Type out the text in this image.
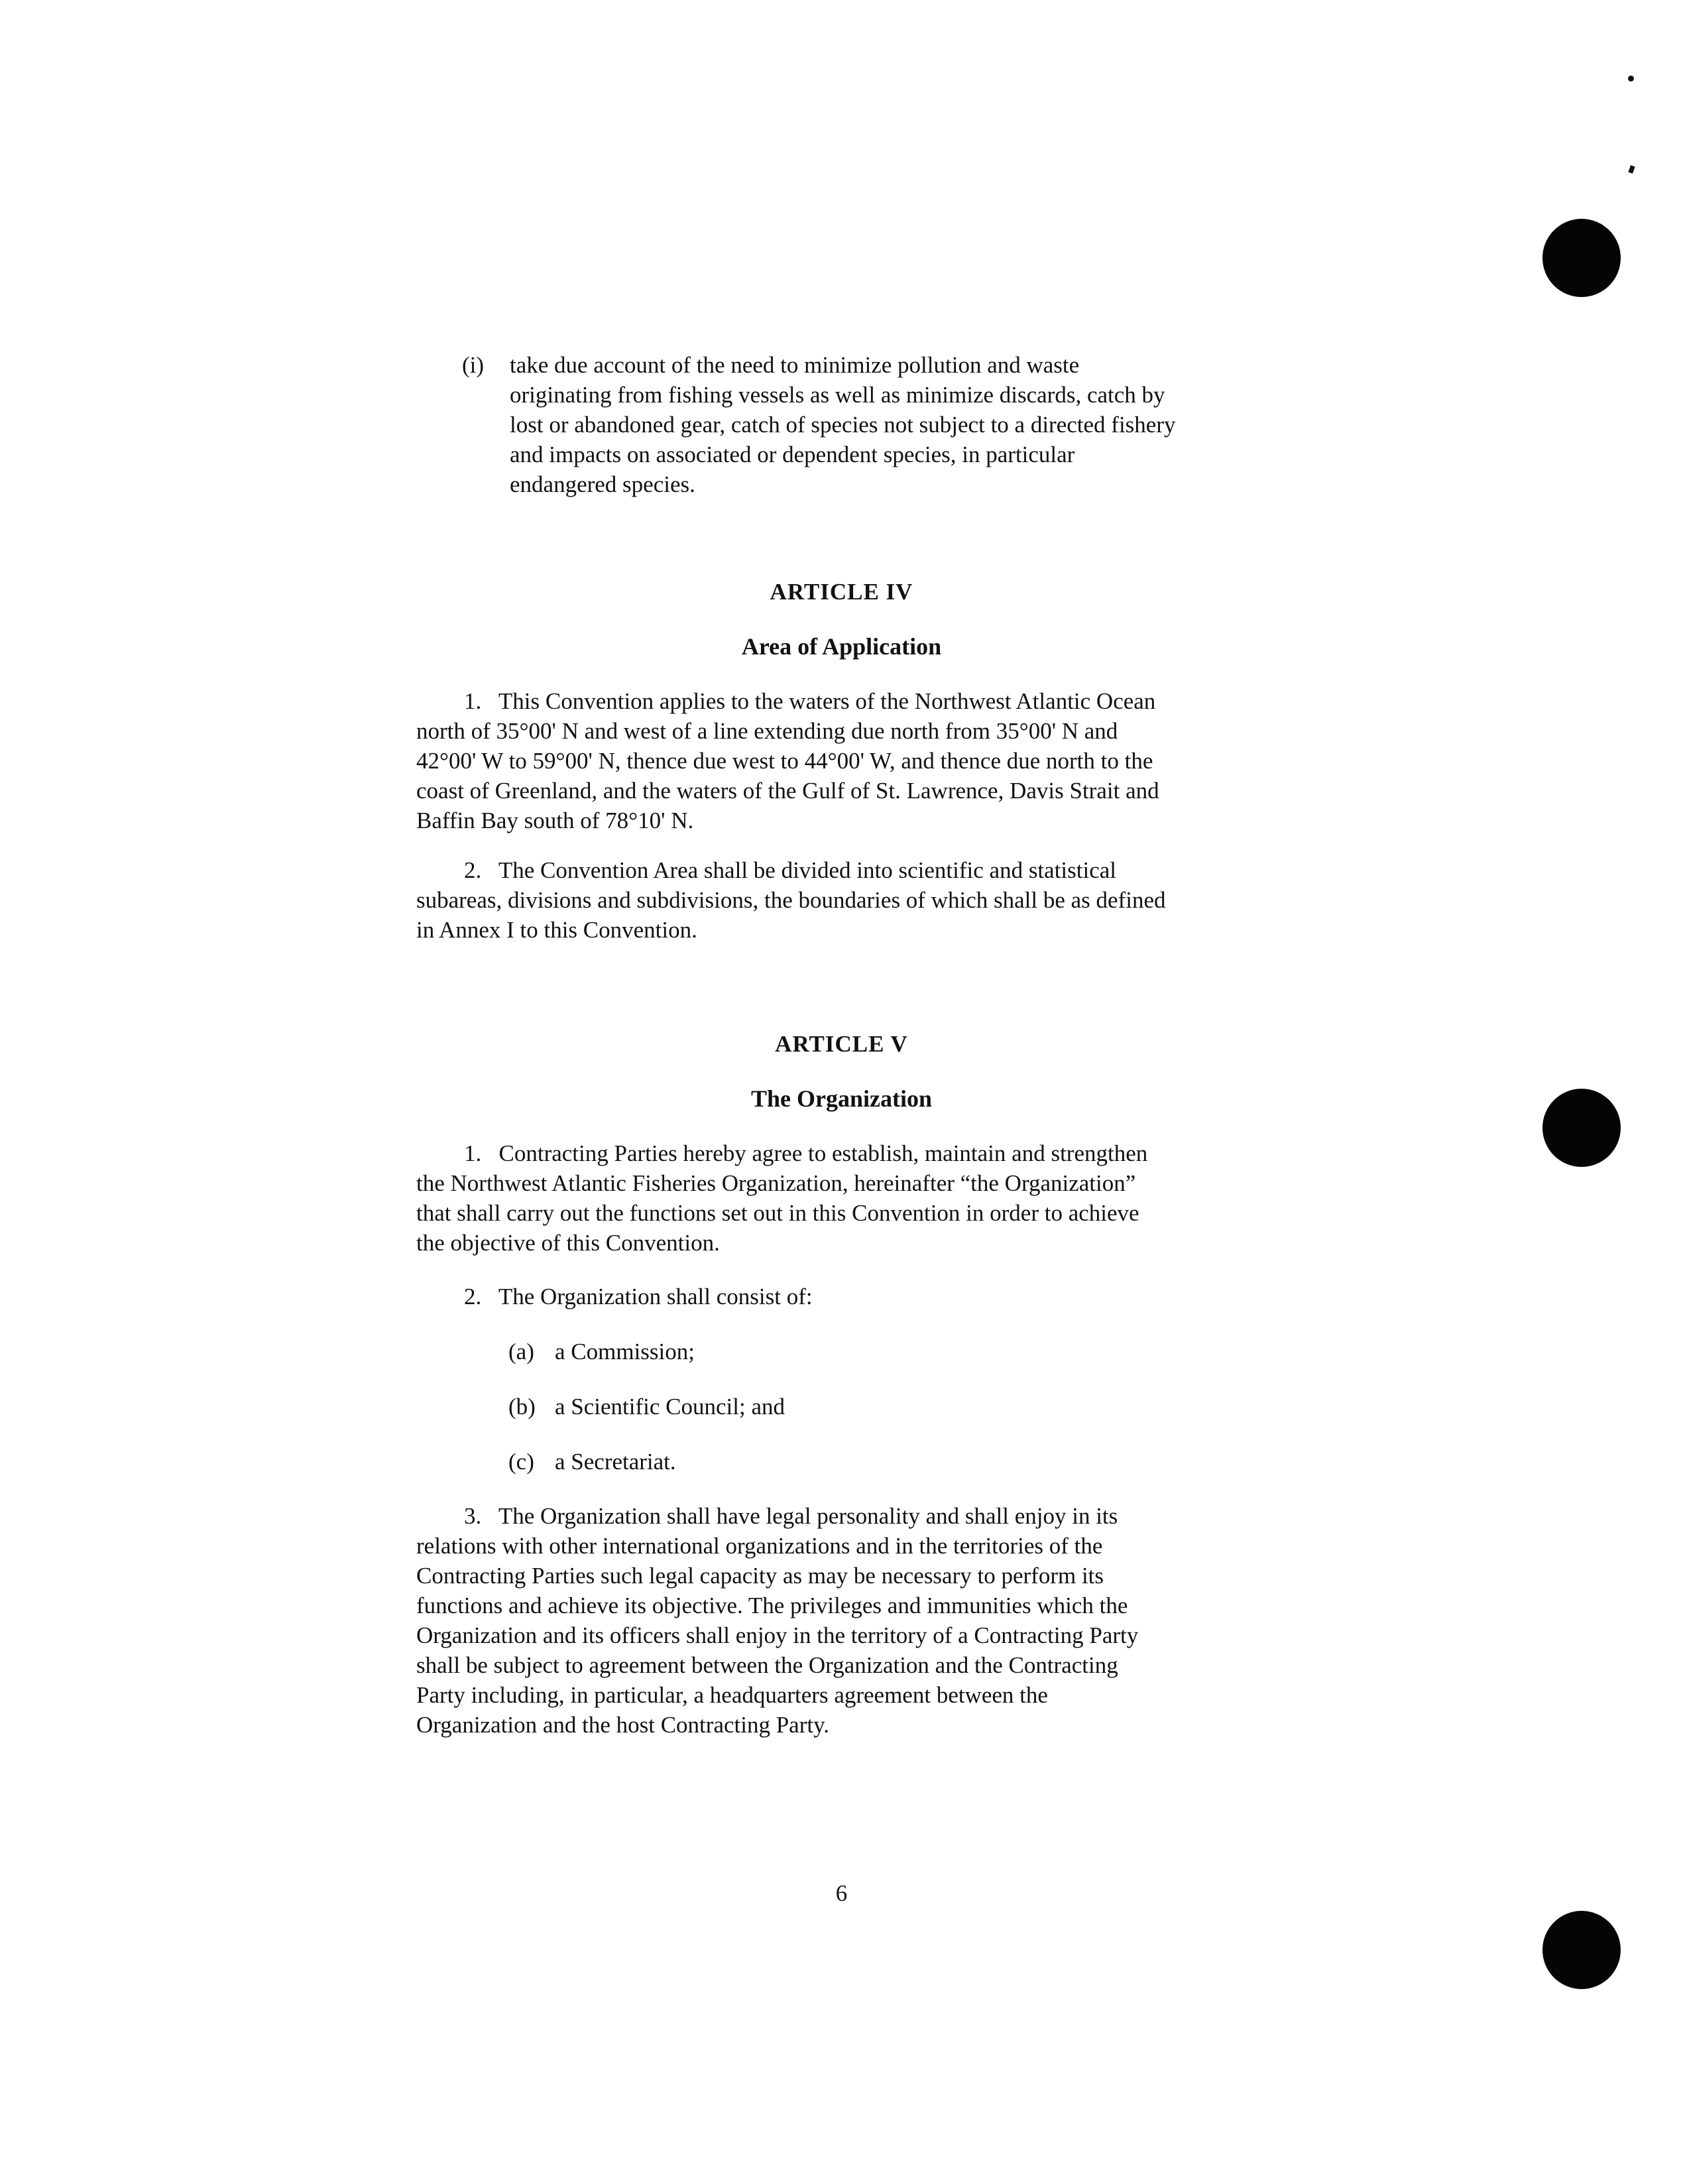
(i) take due account of the need to minimize pollution and waste
originating from fishing vessels as well as minimize discards, catch by
lost or abandoned gear, catch of species not subject to a directed fishery
and impacts on associated or dependent species, in particular
endangered species.

ARTICLE IV

Area of Application

1. This Convention applies to the waters of the Northwest Atlantic Ocean
north of 35°00' N and west of a line extending due north from 35°00' N and
42°00' W to 59°00' N, thence due west to 44°00' W, and thence due north to the
coast of Greenland, and the waters of the Gulf of St. Lawrence, Davis Strait and
Baffin Bay south of 78°10' N.
2. The Convention Area shall be divided into scientific and statistical
subareas, divisions and subdivisions, the boundaries of which shall be as defined
in Annex I to this Convention.

ARTICLE V

The Organization

1. Contracting Parties hereby agree to establish, maintain and strengthen
the Northwest Atlantic Fisheries Organization, hereinafter “the Organization”
that shall carry out the functions set out in this Convention in order to achieve
the objective of this Convention.
2. The Organization shall consist of:
(a) a Commission;
(b) a Scientific Council; and
(c) a Secretariat.
3. The Organization shall have legal personality and shall enjoy in its
relations with other international organizations and in the territories of the
Contracting Parties such legal capacity as may be necessary to perform its
functions and achieve its objective. The privileges and immunities which the
Organization and its officers shall enjoy in the territory of a Contracting Party
shall be subject to agreement between the Organization and the Contracting
Party including, in particular, a headquarters agreement between the
Organization and the host Contracting Party.

6
